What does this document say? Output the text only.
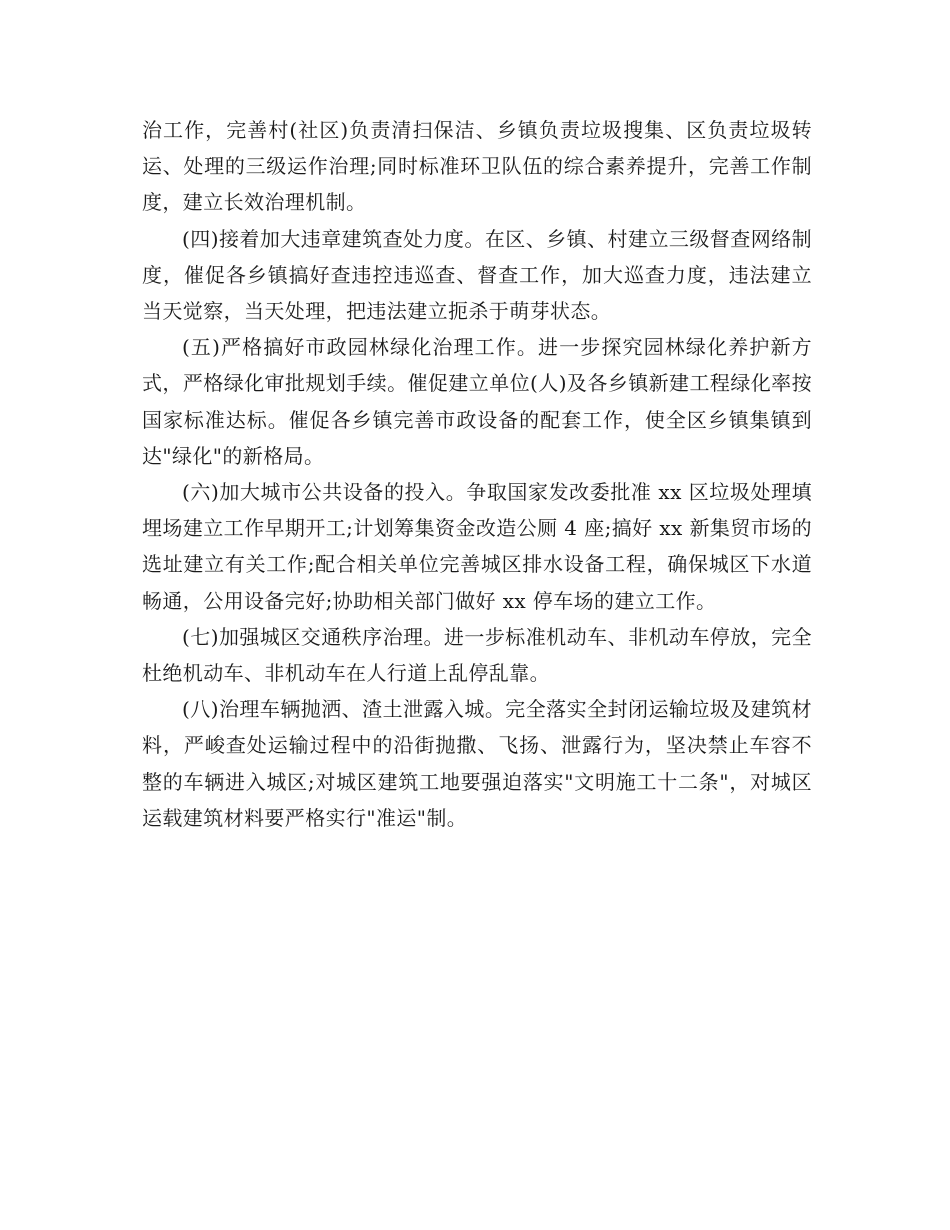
治工作，完善村(社区)负责清扫保洁、乡镇负责垃圾搜集、区负责垃圾转运、处理的三级运作治理;同时标准环卫队伍的综合素养提升，完善工作制度，建立长效治理机制。

(四)接着加大违章建筑查处力度。在区、乡镇、村建立三级督查网络制度，催促各乡镇搞好查违控违巡查、督查工作，加大巡查力度，违法建立当天觉察，当天处理，把违法建立扼杀于萌芽状态。

(五)严格搞好市政园林绿化治理工作。进一步探究园林绿化养护新方式，严格绿化审批规划手续。催促建立单位(人)及各乡镇新建工程绿化率按国家标准达标。催促各乡镇完善市政设备的配套工作，使全区乡镇集镇到达"绿化"的新格局。

(六)加大城市公共设备的投入。争取国家发改委批准 xx 区垃圾处理填埋场建立工作早期开工;计划筹集资金改造公厕 4 座;搞好 xx 新集贸市场的选址建立有关工作;配合相关单位完善城区排水设备工程，确保城区下水道畅通，公用设备完好;协助相关部门做好 xx 停车场的建立工作。

(七)加强城区交通秩序治理。进一步标准机动车、非机动车停放，完全杜绝机动车、非机动车在人行道上乱停乱靠。

(八)治理车辆抛洒、渣土泄露入城。完全落实全封闭运输垃圾及建筑材料，严峻查处运输过程中的沿街抛撒、飞扬、泄露行为，坚决禁止车容不整的车辆进入城区;对城区建筑工地要强迫落实"文明施工十二条"，对城区运载建筑材料要严格实行"准运"制。
